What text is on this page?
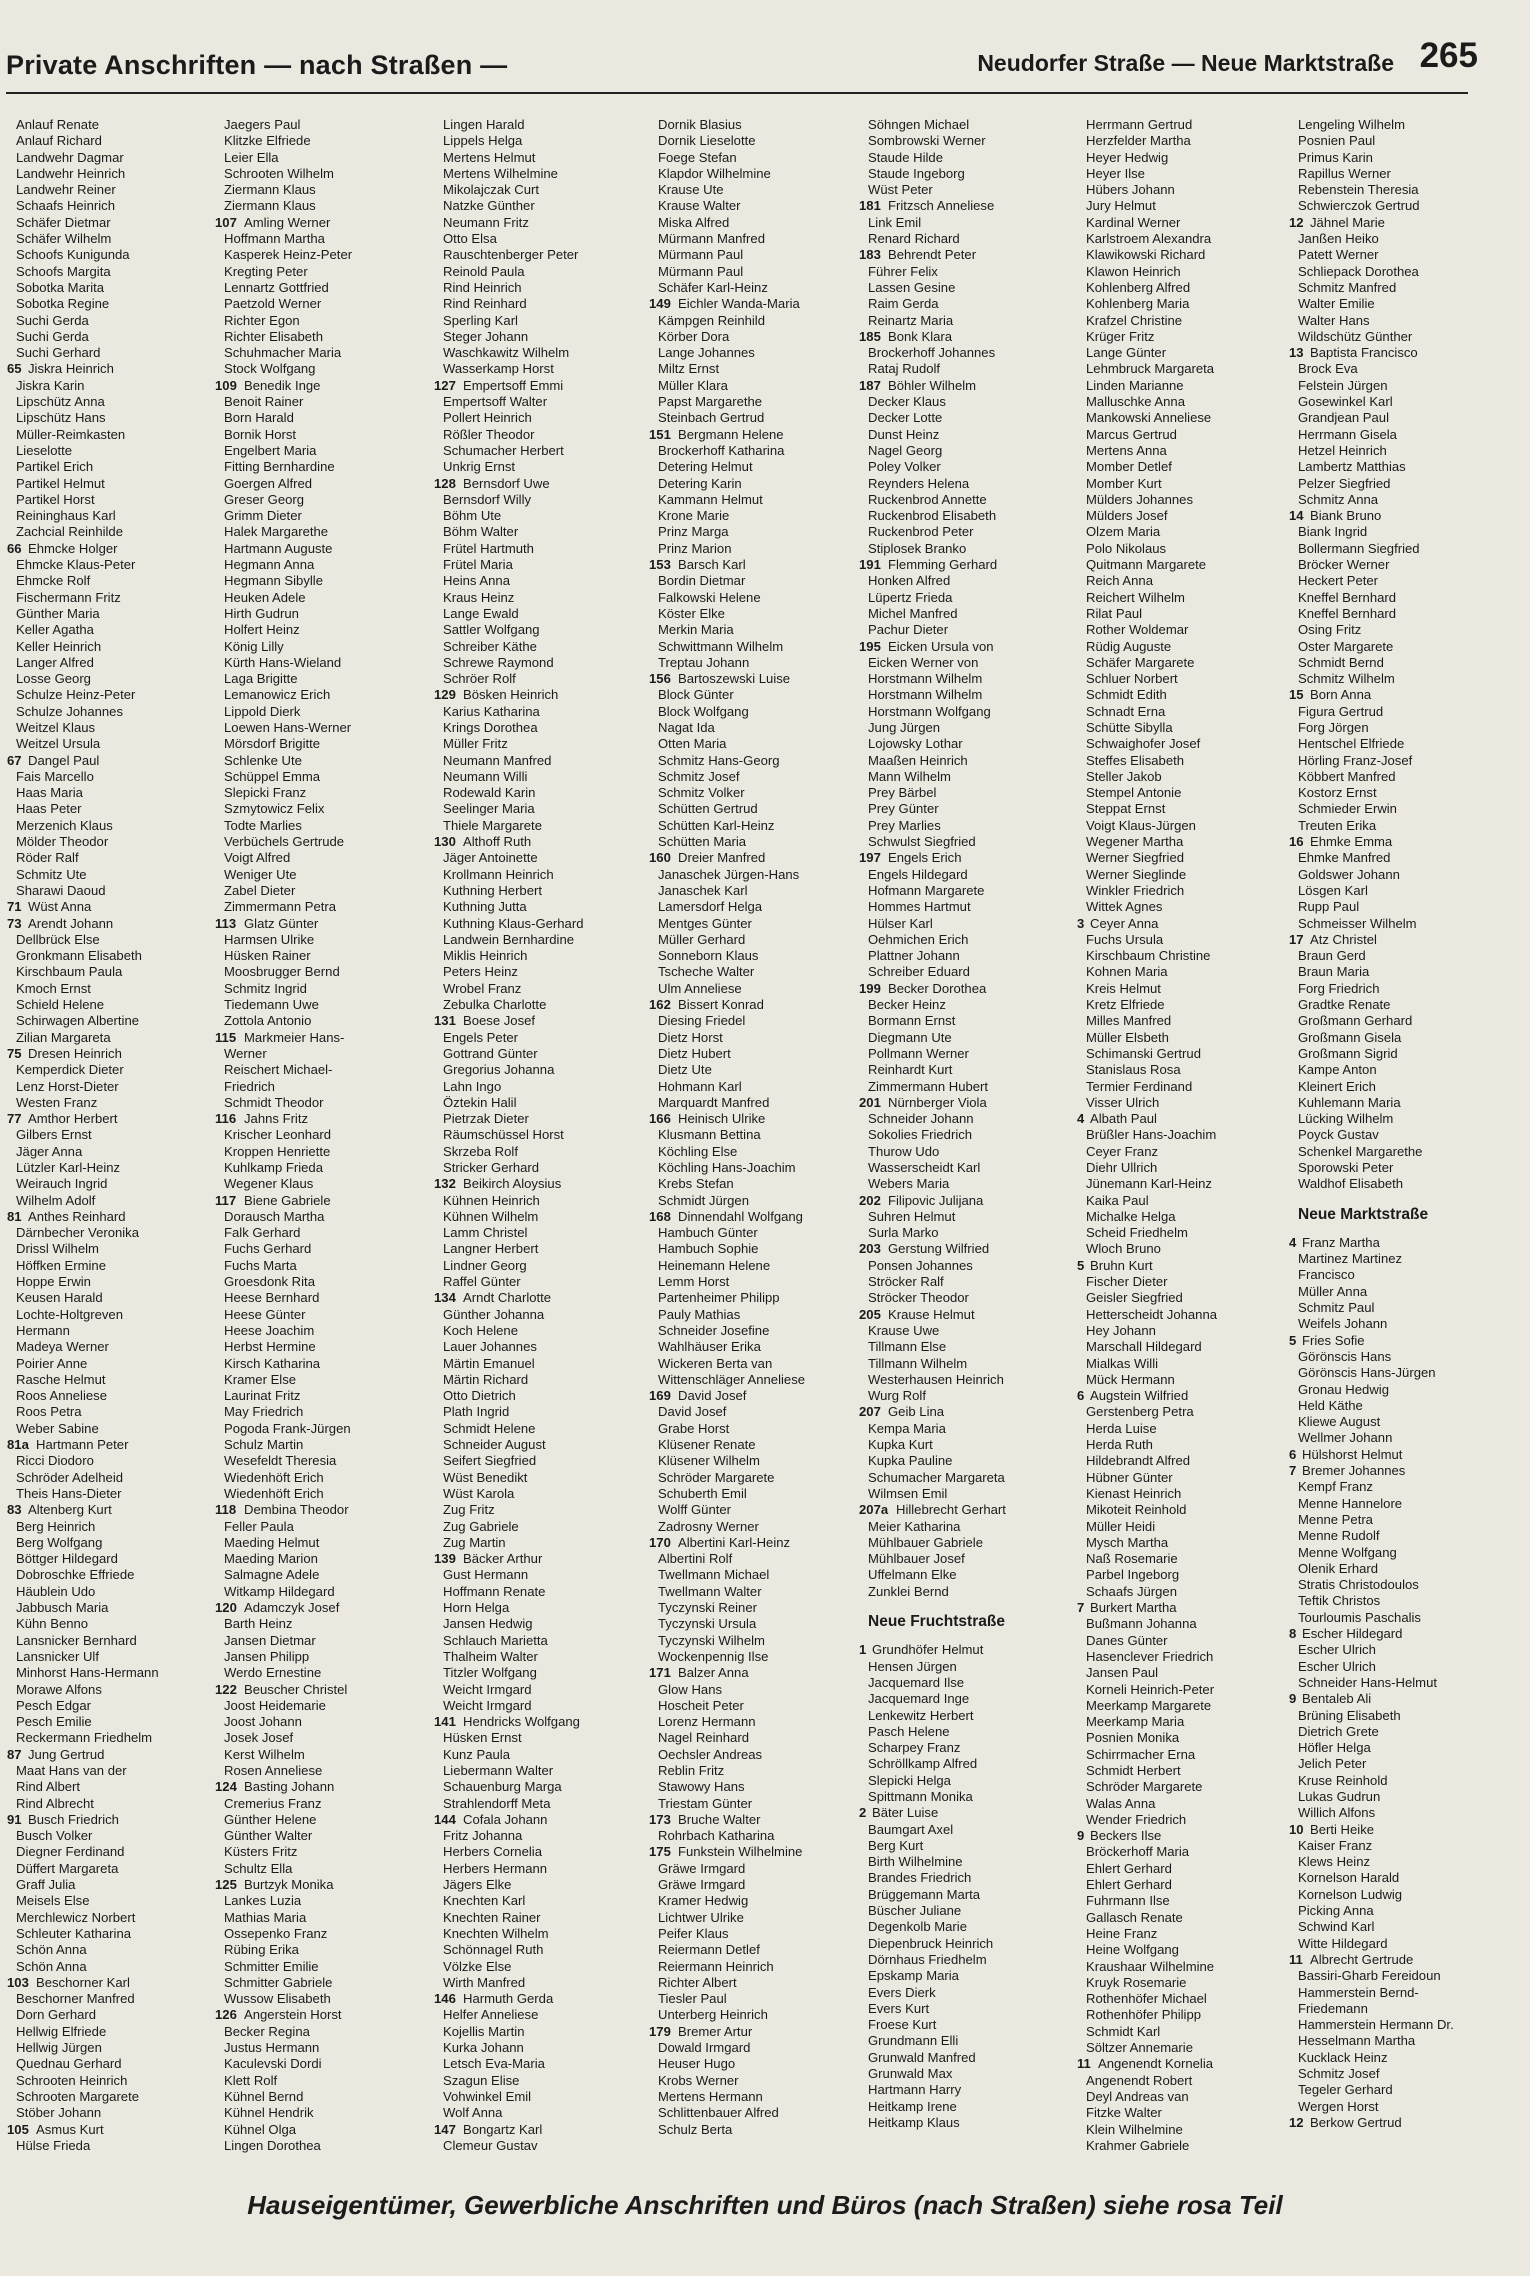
Private Anschriften — nach Straßen —	Neudorfer Straße — Neue Marktstraße 265
Anlauf Renate
Anlauf Richard
Landwehr Dagmar
Landwehr Heinrich
Landwehr Reiner
Schaafs Heinrich
Schäfer Dietmar
Schäfer Wilhelm
Schoofs Kunigunda
Schoofs Margita
Sobotka Marita
Sobotka Regine
Suchi Gerda
Suchi Gerda
Suchi Gerhard
65 Jiskra Heinrich
Jiskra Karin
Lipschütz Anna
Lipschütz Hans
Müller-Reimkasten
Lieselotte
Partikel Erich
Partikel Helmut
Partikel Horst
Reininghaus Karl
Zachcial Reinhilde
66 Ehmcke Holger
Ehmcke Klaus-Peter
Ehmcke Rolf
Fischermann Fritz
Günther Maria
Keller Agatha
Keller Heinrich
Langer Alfred
Losse Georg
Schulze Heinz-Peter
Schulze Johannes
Weitzel Klaus
Weitzel Ursula
67 Dangel Paul
Fais Marcello
Haas Maria
Haas Peter
Merzenich Klaus
Mölder Theodor
Röder Ralf
Schmitz Ute
Sharawi Daoud
71 Wüst Anna
73 Arendt Johann
Dellbrück Else
Gronkmann Elisabeth
Kirschbaum Paula
Kmoch Ernst
Schield Helene
Schirwagen Albertine
Zilian Margareta
75 Dresen Heinrich
Kemperdick Dieter
Lenz Horst-Dieter
Westen Franz
77 Amthor Herbert
Gilbers Ernst
Jäger Anna
Lützler Karl-Heinz
Weirauch Ingrid
Wilhelm Adolf
81 Anthes Reinhard
Därnbecher Veronika
Drissl Wilhelm
Höffken Ermine
Hoppe Erwin
Keusen Harald
Lochte-Holtgreven
Hermann
Madeya Werner
Poirier Anne
Rasche Helmut
Roos Anneliese
Roos Petra
Weber Sabine
81a Hartmann Peter
Ricci Diodoro
Schröder Adelheid
Theis Hans-Dieter
83 Altenberg Kurt
Berg Heinrich
Berg Wolfgang
Böttger Hildegard
Dobroschke Effriede
Häublein Udo
Jabbusch Maria
Kühn Benno
Lansnicker Bernhard
Lansnicker Ulf
Minhorst Hans-Hermann
Morawe Alfons
Pesch Edgar
Pesch Emilie
Reckermann Friedhelm
87 Jung Gertrud
Maat Hans van der
Rind Albert
Rind Albrecht
91 Busch Friedrich
Busch Volker
Diegner Ferdinand
Düffert Margareta
Graff Julia
Meisels Else
Merchlewicz Norbert
Schleuter Katharina
Schön Anna
Schön Anna
103 Beschorner Karl
Beschorner Manfred
Dorn Gerhard
Hellwig Elfriede
Hellwig Jürgen
Quednau Gerhard
Schrooten Heinrich
Schrooten Margarete
Stöber Johann
105 Asmus Kurt
Hülse Frieda
Jaegers Paul
Klitzke Elfriede
Leier Ella
Schrooten Wilhelm
Ziermann Klaus
Ziermann Klaus
107 Amling Werner
Hoffmann Martha
Kasperek Heinz-Peter
Kregting Peter
Lennartz Gottfried
Paetzold Werner
Richter Egon
Richter Elisabeth
Schuhmacher Maria
Stock Wolfgang
109 Benedik Inge
Benoit Rainer
Born Harald
Bornik Horst
Engelbert Maria
Fitting Bernhardine
Goergen Alfred
Greser Georg
Grimm Dieter
Halek Margarethe
Hartmann Auguste
Hegmann Anna
Hegmann Sibylle
Heuken Adele
Hirth Gudrun
Holfert Heinz
König Lilly
Kürth Hans-Wieland
Laga Brigitte
Lemanowicz Erich
Lippold Dierk
Loewen Hans-Werner
Mörsdorf Brigitte
Schlenke Ute
Schüppel Emma
Slepicki Franz
Szmytowicz Felix
Todte Marlies
Verbüchels Gertrude
Voigt Alfred
Weniger Ute
Zabel Dieter
Zimmermann Petra
113 Glatz Günter
Harmsen Ulrike
Hüsken Rainer
Moosbrugger Bernd
Schmitz Ingrid
Tiedemann Uwe
Zottola Antonio
115 Markmeier Hans-
Werner
Reischert Michael-
Friedrich
Schmidt Theodor
116 Jahns Fritz
Krischer Leonhard
Kroppen Henriette
Kuhlkamp Frieda
Wegener Klaus
117 Biene Gabriele
Dorausch Martha
Falk Gerhard
Fuchs Gerhard
Fuchs Marta
Groesdonk Rita
Heese Bernhard
Heese Günter
Heese Joachim
Herbst Hermine
Kirsch Katharina
Kramer Else
Laurinat Fritz
May Friedrich
Pogoda Frank-Jürgen
Schulz Martin
Wesefeldt Theresia
Wiedenhöft Erich
Wiedenhöft Erich
118 Dembina Theodor
Feller Paula
Maeding Helmut
Maeding Marion
Salmagne Adele
Witkamp Hildegard
120 Adamczyk Josef
Barth Heinz
Jansen Dietmar
Jansen Philipp
Werdo Ernestine
122 Beuscher Christel
Joost Heidemarie
Joost Johann
Josek Josef
Kerst Wilhelm
Rosen Anneliese
124 Basting Johann
Cremerius Franz
Günther Helene
Günther Walter
Küsters Fritz
Schultz Ella
125 Burtzyk Monika
Lankes Luzia
Mathias Maria
Ossepenko Franz
Rübing Erika
Schmitter Emilie
Schmitter Gabriele
Wussow Elisabeth
126 Angerstein Horst
Becker Regina
Justus Hermann
Kaculevski Dordi
Klett Rolf
Kühnel Bernd
Kühnel Hendrik
Kühnel Olga
Lingen Dorothea
Lingen Harald
Lippels Helga
Mertens Helmut
Mertens Wilhelmine
Mikolajczak Curt
Natzke Günther
Neumann Fritz
Otto Elsa
Rauschtenberger Peter
Reinold Paula
Rind Heinrich
Rind Reinhard
Sperling Karl
Steger Johann
Waschkawitz Wilhelm
Wasserkamp Horst
127 Empertsoff Emmi
Empertsoff Walter
Pollert Heinrich
Rößler Theodor
Schumacher Herbert
Unkrig Ernst
128 Bernsdorf Uwe
Bernsdorf Willy
Böhm Ute
Böhm Walter
Frütel Hartmuth
Frütel Maria
Heins Anna
Kraus Heinz
Lange Ewald
Sattler Wolfgang
Schreiber Käthe
Schrewe Raymond
Schröer Rolf
129 Bösken Heinrich
Karius Katharina
Krings Dorothea
Müller Fritz
Neumann Manfred
Neumann Willi
Rodewald Karin
Seelinger Maria
Thiele Margarete
130 Althoff Ruth
Jäger Antoinette
Krollmann Heinrich
Kuthning Herbert
Kuthning Jutta
Kuthning Klaus-Gerhard
Landwein Bernhardine
Miklis Heinrich
Peters Heinz
Wrobel Franz
Zebulka Charlotte
131 Boese Josef
Engels Peter
Gottrand Günter
Gregorius Johanna
Lahn Ingo
Öztekin Halil
Pietrzak Dieter
Räumschüssel Horst
Skrzeba Rolf
Stricker Gerhard
132 Beikirch Aloysius
Kühnen Heinrich
Kühnen Wilhelm
Lamm Christel
Langner Herbert
Lindner Georg
Raffel Günter
134 Arndt Charlotte
Günther Johanna
Koch Helene
Lauer Johannes
Märtin Emanuel
Märtin Richard
Otto Dietrich
Plath Ingrid
Schmidt Helene
Schneider August
Seifert Siegfried
Wüst Benedikt
Wüst Karola
Zug Fritz
Zug Gabriele
Zug Martin
139 Bäcker Arthur
Gust Hermann
Hoffmann Renate
Horn Helga
Jansen Hedwig
Schlauch Marietta
Thalheim Walter
Titzler Wolfgang
Weicht Irmgard
Weicht Irmgard
141 Hendricks Wolfgang
Hüsken Ernst
Kunz Paula
Liebermann Walter
Schauenburg Marga
Strahlendorff Meta
144 Cofala Johann
Fritz Johanna
Herbers Cornelia
Herbers Hermann
Jägers Elke
Knechten Karl
Knechten Rainer
Knechten Wilhelm
Schönnagel Ruth
Völzke Else
Wirth Manfred
146 Harmuth Gerda
Helfer Anneliese
Kojellis Martin
Kurka Johann
Letsch Eva-Maria
Szagun Elise
Vohwinkel Emil
Wolf Anna
147 Bongartz Karl
Clemeur Gustav
Dornik Blasius
Dornik Lieselotte
Foege Stefan
Klapdor Wilhelmine
Krause Ute
Krause Walter
Miska Alfred
Mürmann Manfred
Mürmann Paul
Mürmann Paul
Schäfer Karl-Heinz
149 Eichler Wanda-Maria
Kämpgen Reinhild
Körber Dora
Lange Johannes
Miltz Ernst
Müller Klara
Papst Margarethe
Steinbach Gertrud
151 Bergmann Helene
Brockerhoff Katharina
Detering Helmut
Detering Karin
Kammann Helmut
Krone Marie
Prinz Marga
Prinz Marion
153 Barsch Karl
Bordin Dietmar
Falkowski Helene
Köster Elke
Merkin Maria
Schwittmann Wilhelm
Treptau Johann
156 Bartoszewski Luise
Block Günter
Block Wolfgang
Nagat Ida
Otten Maria
Schmitz Hans-Georg
Schmitz Josef
Schmitz Volker
Schütten Gertrud
Schütten Karl-Heinz
Schütten Maria
160 Dreier Manfred
Janaschek Jürgen-Hans
Janaschek Karl
Lamersdorf Helga
Mentges Günter
Müller Gerhard
Sonneborn Klaus
Tscheche Walter
Ulm Anneliese
162 Bissert Konrad
Diesing Friedel
Dietz Horst
Dietz Hubert
Dietz Ute
Hohmann Karl
Marquardt Manfred
166 Heinisch Ulrike
Klusmann Bettina
Köchling Else
Köchling Hans-Joachim
Krebs Stefan
Schmidt Jürgen
168 Dinnendahl Wolfgang
Hambuch Günter
Hambuch Sophie
Heinemann Helene
Lemm Horst
Partenheimer Philipp
Pauly Mathias
Schneider Josefine
Wahlhäuser Erika
Wickeren Berta van
Wittenschläger Anneliese
169 David Josef
David Josef
Grabe Horst
Klüsener Renate
Klüsener Wilhelm
Schröder Margarete
Schuberth Emil
Wolff Günter
Zadrosny Werner
170 Albertini Karl-Heinz
Albertini Rolf
Twellmann Michael
Twellmann Walter
Tyczynski Reiner
Tyczynski Ursula
Tyczynski Wilhelm
Wockenpennig Ilse
171 Balzer Anna
Glow Hans
Hoscheit Peter
Lorenz Hermann
Nagel Reinhard
Oechsler Andreas
Reblin Fritz
Stawowy Hans
Triestam Günter
173 Bruche Walter
Rohrbach Katharina
175 Funkstein Wilhelmine
Gräwe Irmgard
Gräwe Irmgard
Kramer Hedwig
Lichtwer Ulrike
Peifer Klaus
Reiermann Detlef
Reiermann Heinrich
Richter Albert
Tiesler Paul
Unterberg Heinrich
179 Bremer Artur
Dowald Irmgard
Heuser Hugo
Krobs Werner
Mertens Hermann
Schlittenbauer Alfred
Schulz Berta
Söhngen Michael
Sombrowski Werner
Staude Hilde
Staude Ingeborg
Wüst Peter
181 Fritzsch Anneliese
Link Emil
Renard Richard
183 Behrendt Peter
Führer Felix
Lassen Gesine
Raim Gerda
Reinartz Maria
185 Bonk Klara
Brockerhoff Johannes
Rataj Rudolf
187 Böhler Wilhelm
Decker Klaus
Decker Lotte
Dunst Heinz
Nagel Georg
Poley Volker
Reynders Helena
Ruckenbrod Annette
Ruckenbrod Elisabeth
Ruckenbrod Peter
Stiplosek Branko
191 Flemming Gerhard
Honken Alfred
Lüpertz Frieda
Michel Manfred
Pachur Dieter
195 Eicken Ursula von
Eicken Werner von
Horstmann Wilhelm
Horstmann Wilhelm
Horstmann Wolfgang
Jung Jürgen
Lojowsky Lothar
Maaßen Heinrich
Mann Wilhelm
Prey Bärbel
Prey Günter
Prey Marlies
Schwulst Siegfried
197 Engels Erich
Engels Hildegard
Hofmann Margarete
Hommes Hartmut
Hülser Karl
Oehmichen Erich
Plattner Johann
Schreiber Eduard
199 Becker Dorothea
Becker Heinz
Bormann Ernst
Diegmann Ute
Pollmann Werner
Reinhardt Kurt
Zimmermann Hubert
201 Nürnberger Viola
Schneider Johann
Sokolies Friedrich
Thurow Udo
Wasserscheidt Karl
Webers Maria
202 Filipovic Julijana
Suhren Helmut
Surla Marko
203 Gerstung Wilfried
Ponsen Johannes
Ströcker Ralf
Ströcker Theodor
205 Krause Helmut
Krause Uwe
Tillmann Else
Tillmann Wilhelm
Westerhausen Heinrich
Wurg Rolf
207 Geib Lina
Kempa Maria
Kupka Kurt
Kupka Pauline
Schumacher Margareta
Wilmsen Emil
207a Hillebrecht Gerhart
Meier Katharina
Mühlbauer Gabriele
Mühlbauer Josef
Uffelmann Elke
Zunklei Bernd
Neue Fruchtstraße
1 Grundhöfer Helmut
Hensen Jürgen
Jacquemard Ilse
Jacquemard Inge
Lenkewitz Herbert
Pasch Helene
Scharpey Franz
Schröllkamp Alfred
Slepicki Helga
Spittmann Monika
2 Bäter Luise
Baumgart Axel
Berg Kurt
Birth Wilhelmine
Brandes Friedrich
Brüggemann Marta
Büscher Juliane
Degenkolb Marie
Diepenbruck Heinrich
Dörnhaus Friedhelm
Epskamp Maria
Evers Dierk
Evers Kurt
Froese Kurt
Grundmann Elli
Grunwald Manfred
Grunwald Max
Hartmann Harry
Heitkamp Irene
Heitkamp Klaus
Herrmann Gertrud
Herzfelder Martha
Heyer Hedwig
Heyer Ilse
Hübers Johann
Jury Helmut
Kardinal Werner
Karlstroem Alexandra
Klawikowski Richard
Klawon Heinrich
Kohlenberg Alfred
Kohlenberg Maria
Krafzel Christine
Krüger Fritz
Lange Günter
Lehmbruck Margareta
Linden Marianne
Malluschke Anna
Mankowski Anneliese
Marcus Gertrud
Mertens Anna
Momber Detlef
Momber Kurt
Mülders Johannes
Mülders Josef
Olzem Maria
Polo Nikolaus
Quitmann Margarete
Reich Anna
Reichert Wilhelm
Rilat Paul
Rother Woldemar
Rüdig Auguste
Schäfer Margarete
Schluer Norbert
Schmidt Edith
Schnadt Erna
Schütte Sibylla
Schwaighofer Josef
Steffes Elisabeth
Steller Jakob
Stempel Antonie
Steppat Ernst
Voigt Klaus-Jürgen
Wegener Martha
Werner Siegfried
Werner Sieglinde
Winkler Friedrich
Wittek Agnes
3 Ceyer Anna
Fuchs Ursula
Kirschbaum Christine
Kohnen Maria
Kreis Helmut
Kretz Elfriede
Milles Manfred
Müller Elsbeth
Schimanski Gertrud
Stanislaus Rosa
Termier Ferdinand
Visser Ulrich
4 Albath Paul
Brüßler Hans-Joachim
Ceyer Franz
Diehr Ullrich
Jünemann Karl-Heinz
Kaika Paul
Michalke Helga
Scheid Friedhelm
Wloch Bruno
5 Bruhn Kurt
Fischer Dieter
Geisler Siegfried
Hetterscheidt Johanna
Hey Johann
Marschall Hildegard
Mialkas Willi
Mück Hermann
6 Augstein Wilfried
Gerstenberg Petra
Herda Luise
Herda Ruth
Hildebrandt Alfred
Hübner Günter
Kienast Heinrich
Mikoteit Reinhold
Müller Heidi
Mysch Martha
Naß Rosemarie
Parbel Ingeborg
Schaafs Jürgen
7 Burkert Martha
Bußmann Johanna
Danes Günter
Hasenclever Friedrich
Jansen Paul
Korneli Heinrich-Peter
Meerkamp Margarete
Meerkamp Maria
Posnien Monika
Schirrmacher Erna
Schmidt Herbert
Schröder Margarete
Walas Anna
Wender Friedrich
9 Beckers Ilse
Bröckerhoff Maria
Ehlert Gerhard
Ehlert Gerhard
Fuhrmann Ilse
Gallasch Renate
Heine Franz
Heine Wolfgang
Kraushaar Wilhelmine
Kruyk Rosemarie
Rothenhöfer Michael
Rothenhöfer Philipp
Schmidt Karl
Söltzer Annemarie
11 Angenendt Kornelia
Angenendt Robert
Deyl Andreas van
Fitzke Walter
Klein Wilhelmine
Krahmer Gabriele
Lengeling Wilhelm
Posnien Paul
Primus Karin
Rapillus Werner
Rebenstein Theresia
Schwierczok Gertrud
12 Jähnel Marie
Janßen Heiko
Patett Werner
Schliepack Dorothea
Schmitz Manfred
Walter Emilie
Walter Hans
Wildschütz Günther
13 Baptista Francisco
Brock Eva
Felstein Jürgen
Gosewinkel Karl
Grandjean Paul
Herrmann Gisela
Hetzel Heinrich
Lambertz Matthias
Pelzer Siegfried
Schmitz Anna
14 Biank Bruno
Biank Ingrid
Bollermann Siegfried
Bröcker Werner
Heckert Peter
Kneffel Bernhard
Kneffel Bernhard
Osing Fritz
Oster Margarete
Schmidt Bernd
Schmitz Wilhelm
15 Born Anna
Figura Gertrud
Forg Jörgen
Hentschel Elfriede
Hörling Franz-Josef
Köbbert Manfred
Kostorz Ernst
Schmieder Erwin
Treuten Erika
16 Ehmke Emma
Ehmke Manfred
Goldswer Johann
Lösgen Karl
Rupp Paul
Schmeisser Wilhelm
17 Atz Christel
Braun Gerd
Braun Maria
Forg Friedrich
Gradtke Renate
Großmann Gerhard
Großmann Gisela
Großmann Sigrid
Kampe Anton
Kleinert Erich
Kuhlemann Maria
Lücking Wilhelm
Poyck Gustav
Schenkel Margarethe
Sporowski Peter
Waldhof Elisabeth
Neue Marktstraße
4 Franz Martha
Martinez Martinez
Francisco
Müller Anna
Schmitz Paul
Weifels Johann
5 Fries Sofie
Görönscis Hans
Görönscis Hans-Jürgen
Gronau Hedwig
Held Käthe
Kliewe August
Wellmer Johann
6 Hülshorst Helmut
7 Bremer Johannes
Kempf Franz
Menne Hannelore
Menne Petra
Menne Rudolf
Menne Wolfgang
Olenik Erhard
Stratis Christodoulos
Teftik Christos
Tourloumis Paschalis
8 Escher Hildegard
Escher Ulrich
Escher Ulrich
Schneider Hans-Helmut
9 Bentaleb Ali
Brüning Elisabeth
Dietrich Grete
Höfler Helga
Jelich Peter
Kruse Reinhold
Lukas Gudrun
Willich Alfons
10 Berti Heike
Kaiser Franz
Klews Heinz
Kornelson Harald
Kornelson Ludwig
Picking Anna
Schwind Karl
Witte Hildegard
11 Albrecht Gertrude
Bassiri-Gharb Fereidoun
Hammerstein Bernd-
Friedemann
Hammerstein Hermann Dr.
Hesselmann Martha
Kucklack Heinz
Schmitz Josef
Tegeler Gerhard
Wergen Horst
12 Berkow Gertrud
Hauseigentümer, Gewerbliche Anschriften und Büros (nach Straßen) siehe rosa Teil
